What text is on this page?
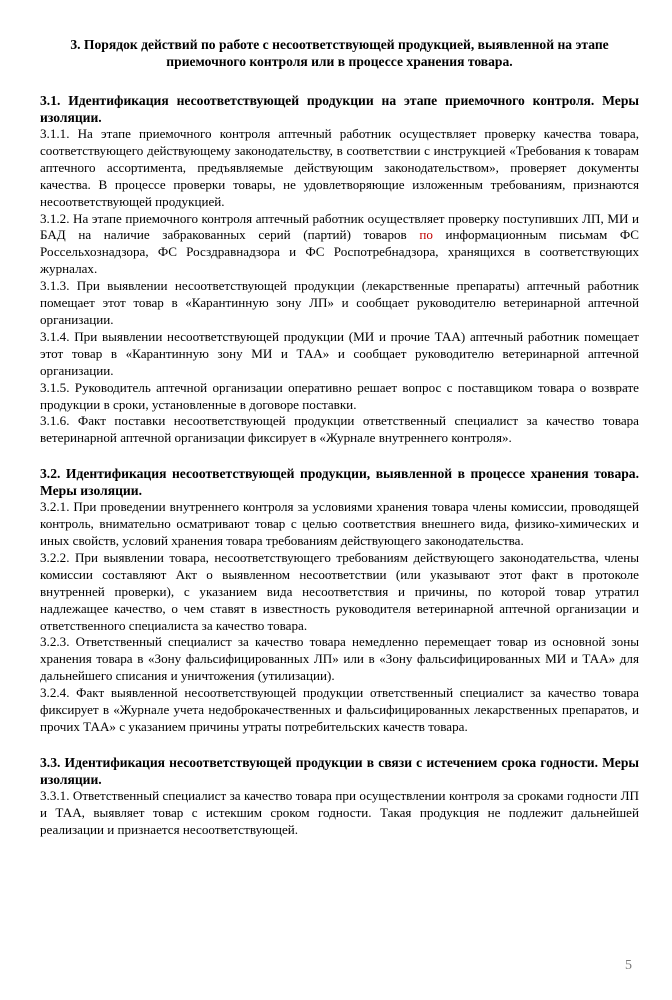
3. Порядок действий по работе с несоответствующей продукцией, выявленной на этапе приемочного контроля или в процессе хранения товара.

3.1. Идентификация несоответствующей продукции на этапе приемочного контроля. Меры изоляции.

3.1.1. На этапе приемочного контроля аптечный работник осуществляет проверку качества товара, соответствующего действующему законодательству, в соответствии с инструкцией «Требования к товарам аптечного ассортимента, предъявляемые действующим законодательством», проверяет документы качества. В процессе проверки товары, не удовлетворяющие изложенным требованиям, признаются несоответствующей продукцией.

3.1.2. На этапе приемочного контроля аптечный работник осуществляет проверку поступивших ЛП, МИ и БАД на наличие забракованных серий (партий) товаров по информационным письмам ФС Россельхознадзора, ФС Росздравнадзора и ФС Роспотребнадзора, хранящихся в соответствующих журналах.

3.1.3. При выявлении несоответствующей продукции (лекарственные препараты) аптечный работник помещает этот товар в «Карантинную зону ЛП» и сообщает руководителю ветеринарной аптечной организации.

3.1.4. При выявлении несоответствующей продукции (МИ и прочие ТАА) аптечный работник помещает этот товар в «Карантинную зону МИ и ТАА» и сообщает руководителю ветеринарной аптечной организации.

3.1.5. Руководитель аптечной организации оперативно решает вопрос с поставщиком товара о возврате продукции в сроки, установленные в договоре поставки.

3.1.6. Факт поставки несоответствующей продукции ответственный специалист за качество товара ветеринарной аптечной организации фиксирует в «Журнале внутреннего контроля».

3.2. Идентификация несоответствующей продукции, выявленной в процессе хранения товара. Меры изоляции.

3.2.1. При проведении внутреннего контроля за условиями хранения товара члены комиссии, проводящей контроль, внимательно осматривают товар с целью соответствия внешнего вида, физико-химических и иных свойств, условий хранения товара требованиям действующего законодательства.

3.2.2. При выявлении товара, несоответствующего требованиям действующего законодательства, члены комиссии составляют Акт о выявленном несоответствии (или указывают этот факт в протоколе внутренней проверки), с указанием вида несоответствия и причины, по которой товар утратил надлежащее качество, о чем ставят в известность руководителя ветеринарной аптечной организации и ответственного специалиста за качество товара.

3.2.3. Ответственный специалист за качество товара немедленно перемещает товар из основной зоны хранения товара в «Зону фальсифицированных ЛП» или в «Зону фальсифицированных МИ и ТАА» для дальнейшего списания и уничтожения (утилизации).

3.2.4. Факт выявленной несоответствующей продукции ответственный специалист за качество товара фиксирует в «Журнале учета недоброкачественных и фальсифицированных лекарственных препаратов, и прочих ТАА» с указанием причины утраты потребительских качеств товара.

3.3. Идентификация несоответствующей продукции в связи с истечением срока годности. Меры изоляции.

3.3.1. Ответственный специалист за качество товара при осуществлении контроля за сроками годности ЛП и ТАА, выявляет товар с истекшим сроком годности. Такая продукция не подлежит дальнейшей реализации и признается несоответствующей.

5
